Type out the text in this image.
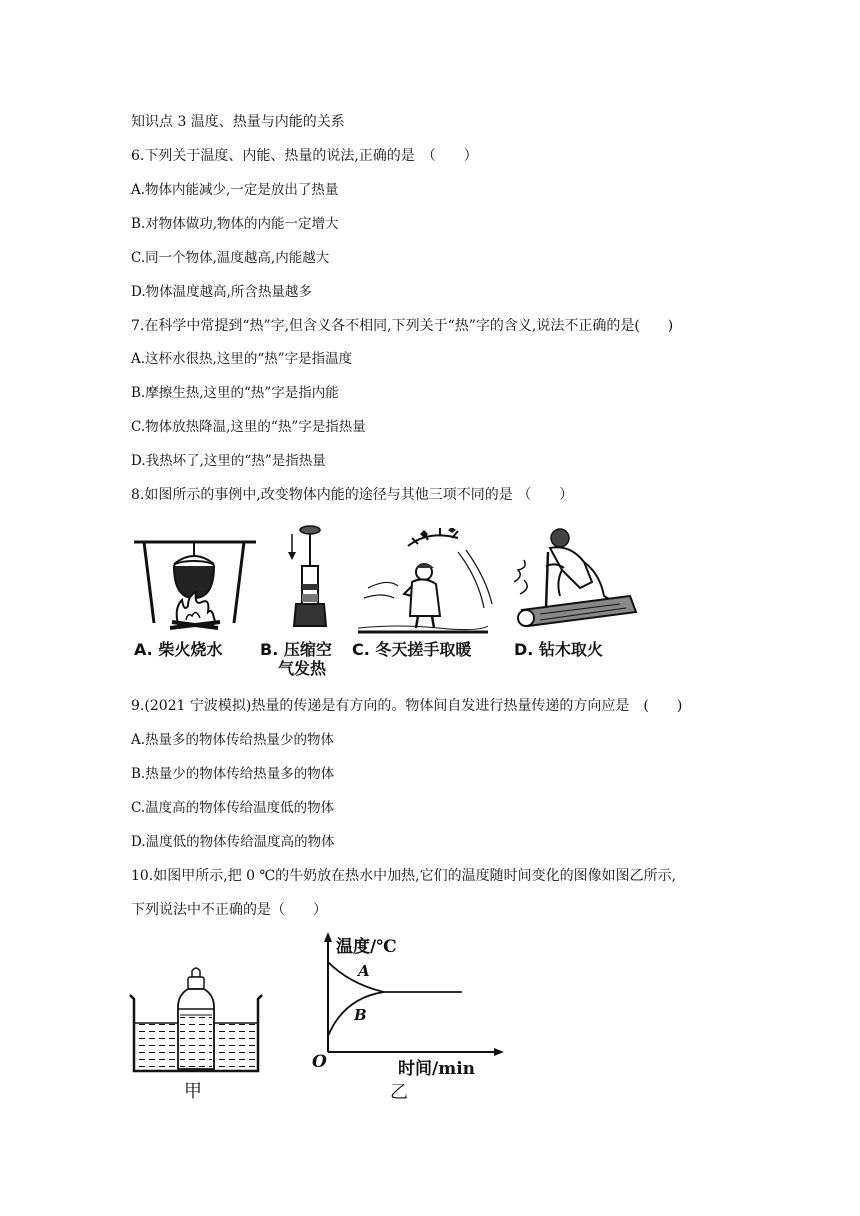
知识点 3 温度、热量与内能的关系
6.下列关于温度、内能、热量的说法,正确的是　（　　）
A.物体内能减少,一定是放出了热量
B.对物体做功,物体的内能一定增大
C.同一个物体,温度越高,内能越大
D.物体温度越高,所含热量越多
7.在科学中常提到“热”字,但含义各不相同,下列关于“热”字的含义,说法不正确的是(　　)
A.这杯水很热,这里的“热”字是指温度
B.摩擦生热,这里的“热”字是指内能
C.物体放热降温,这里的“热”字是指热量
D.我热坏了,这里的“热”是指热量
8.如图所示的事例中,改变物体内能的途径与其他三项不同的是 （　　）
A. 柴火烧水 B. 压缩空
气发热
C. 冬天搓手取暖	D. 钻木取火
9.(2021 宁波模拟)热量的传递是有方向的。物体间自发进行热量传递的方向应是　(　　)
A.热量多的物体传给热量少的物体
B.热量少的物体传给热量多的物体
C.温度高的物体传给温度低的物体
D.温度低的物体传给温度高的物体
10.如图甲所示,把 0 ℃的牛奶放在热水中加热,它们的温度随时间变化的图像如图乙所示,
下列说法中不正确的是（　　）
甲
温度/℃
时间/min
O
A
B
乙
